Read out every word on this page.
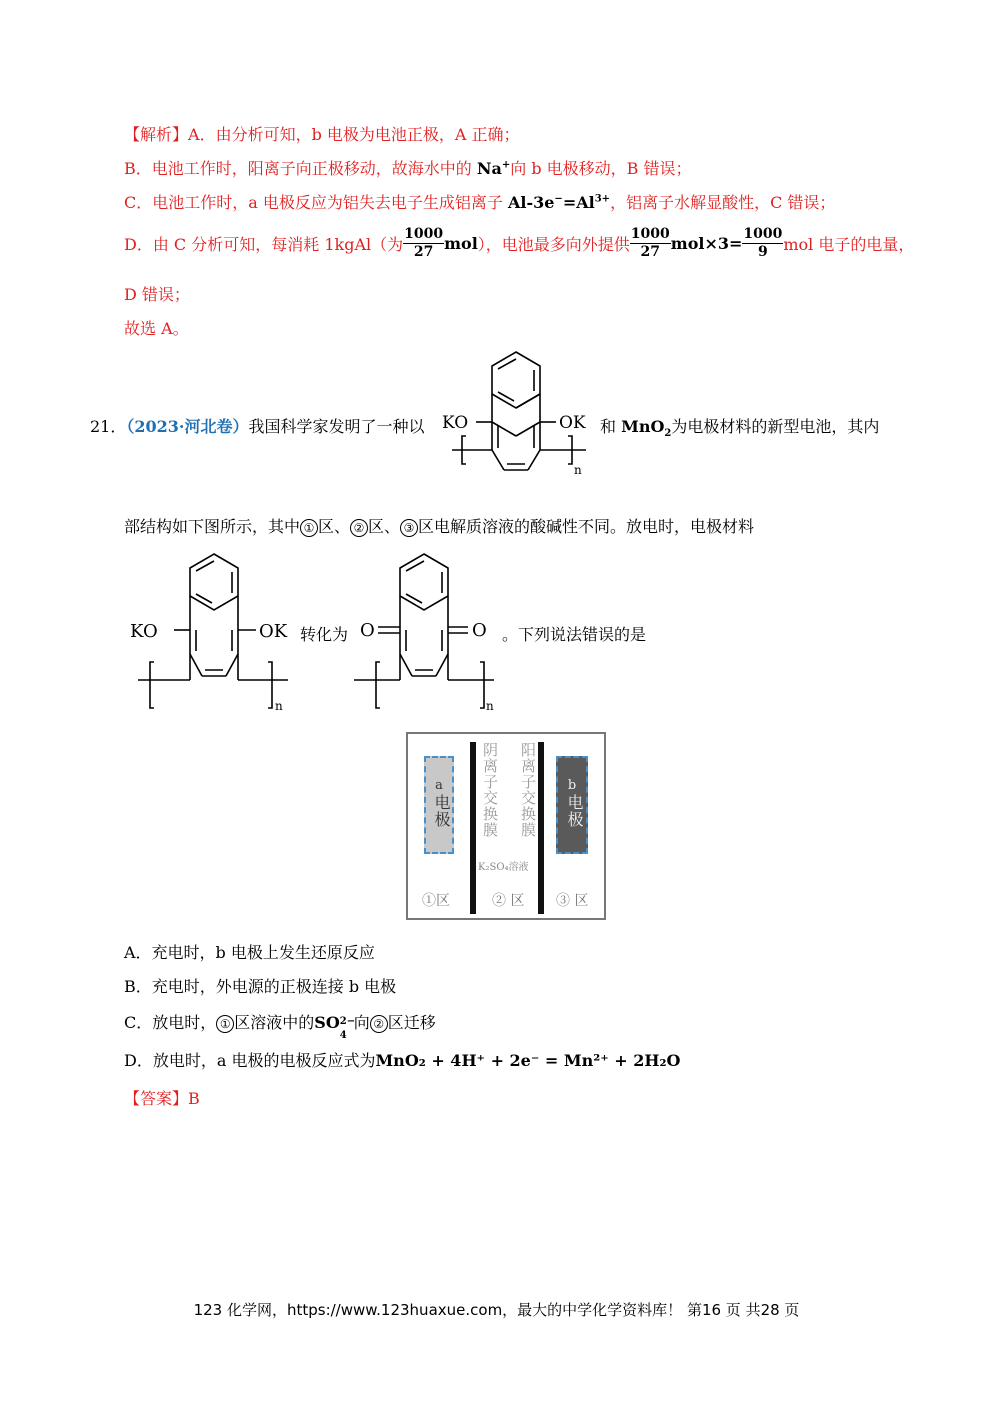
【解析】A．由分析可知，b 电极为电池正极，A 正确；
B．电池工作时，阳离子向正极移动，故海水中的 Na+向 b 电极移动，B 错误；
C．电池工作时，a 电极反应为铝失去电子生成铝离子 $Al-3e^-=Al^{3+}$，铝离子水解显酸性，C 错误；
D．由 C 分析可知，每消耗 1kgAl（为 $\frac{1000}{27} mol$），电池最多向外提供 $\frac{1000}{27} mol\times 3= \frac{1000}{9}$ mol 电子的电量，
D 错误；
故选 A。
21．（2023·河北卷）我国科学家发明了一种以 KO	OK
n
和 MnO$_2$为电极材料的新型电池，其内
部结构如下图所示，其中 ① 区、 ② 区、 ③ 区电解质溶液的酸碱性不同。放电时，电极材料
KO	OK
n
转化为 O	O
n
。下列说法错误的是
a
电极 阴离子交换膜 阳离子交换膜
K₂SO₄溶液
b
电极
①区	② 区 ③ 区
A．充电时，b 电极上发生还原反应
B．充电时，外电源的正极连接 b 电极
C．放电时， ① 区溶液中的SO 2−
4
向 ② 区迁移
D．放电时，a 电极的电极反应式为MnO₂ + 4H⁺ + 2e⁻ = Mn²⁺ + 2H₂O
【答案】B
123 化学网，https://www.123huaxue.com，最大的中学化学资料库！ 第16 页 共28 页
